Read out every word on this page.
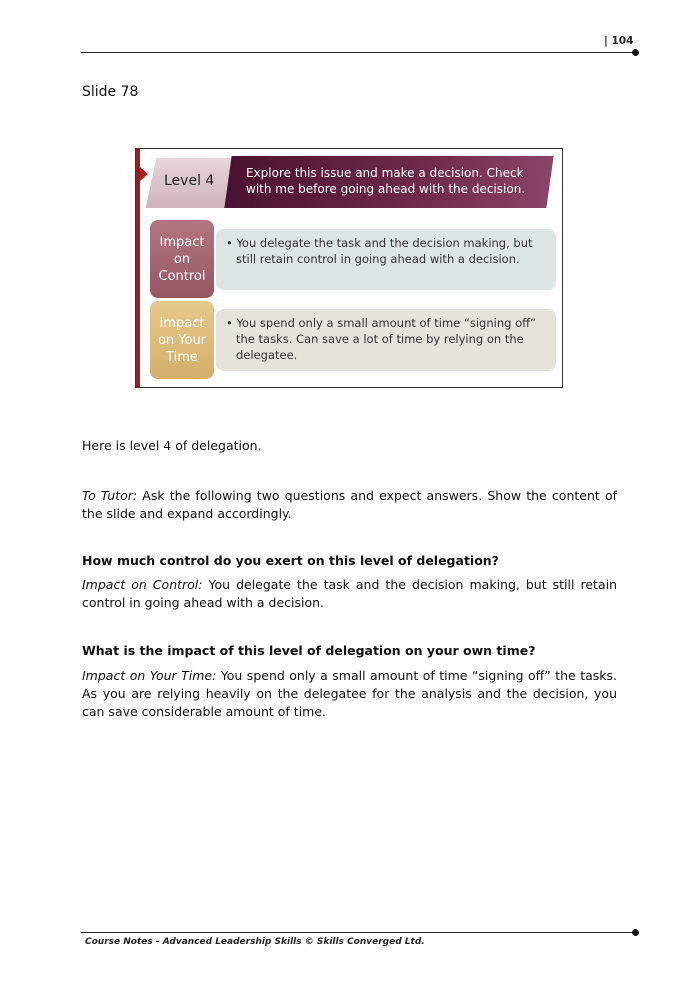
| 104
Slide 78
Level 4	Explore this issue and make a decision. Check with me before going ahead with the decision.
Impact on Control
• You delegate the task and the decision making, but still retain control in going ahead with a decision.
Impact on Your Time
• You spend only a small amount of time “signing off” the tasks. Can save a lot of time by relying on the delegatee.
Here is level 4 of delegation.
To Tutor: Ask the following two questions and expect answers. Show the content of the slide and expand accordingly.
How much control do you exert on this level of delegation?
Impact on Control: You delegate the task and the decision making, but still retain control in going ahead with a decision.
What is the impact of this level of delegation on your own time?
Impact on Your Time: You spend only a small amount of time “signing off” the tasks. As you are relying heavily on the delegatee for the analysis and the decision, you can save considerable amount of time.
Course Notes - Advanced Leadership Skills © Skills Converged Ltd.
